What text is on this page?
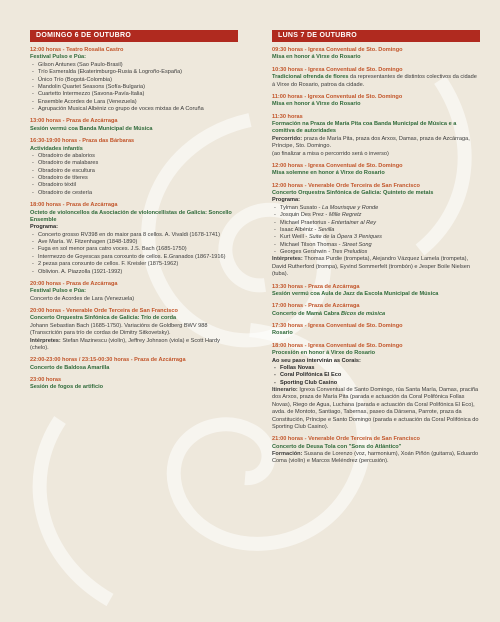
DOMINGO 6 DE OUTUBRO
12:00 horas - Teatro Rosalía Castro
Festival Pulso e Púa:
- Gilson Antunes (Sao Paulo-Brasil)
- Trío Esmeralda (Ekaterimburgo-Rusia & Logroño-España)
- Único Trío (Bogotá-Colombia)
- Mandolin Quartet Seasons (Sofía-Bulgaria)
- Cuartetto Intermezzo (Savona-Pavía-Italia)
- Ensemble Acordes de Lara (Venezuela)
- Agrupación Musical Albéniz co grupo de voces mixtas de A Coruña
13:00 horas - Praza de Azcárraga
Sesión vermú coa Banda Municipal de Música
16:30-19:00 horas - Praza das Bárbaras
Actividades infantís
- Obradoiro de abalorios
- Obradoiro de malabares
- Obradoiro de escultura
- Obradoiro de títeres
- Obradoiro téxtil
- Obradoiro de cestería
18:00 horas - Praza de Azcárraga
Octeto de violoncellos da Asociación de violoncellistas de Galicia: Soncello Ensemble
Programa:
- Concerto grosso RV398 en do maior para 8 cellos. A. Vivaldi (1678-1741)
- Ave María. W. Fitzenhagen (1848-1890)
- Fuga en sol menor para catro voces. J.S. Bach (1685-1750)
- Intermezzo de Goyescas para conxunto de cellos. E.Granados (1867-1916)
- 2 pezas para conxunto de cellos. F. Kreisler (1875-1962)
- Oblivion. A. Piazzolla (1921-1992)
20:00 horas - Praza de Azcárraga
Festival Pulso e Púa:
Concerto de Acordes de Lara (Venezuela)
20:00 horas - Venerable Orde Terceira de San Francisco
Concerto Orquestra Sinfónica de Galicia: Trío de corda
Johann Sebastian Bach (1685-1750). Variacións de Goldberg BWV 988 (Transcrición para trío de cordas de Dimitry Sitkovetsky).
Intérpretes: Stefan Mazinescu (violín), Jeffrey Johnson (viola) e Scott Hardy (chelo).
22:00-23:00 horas / 23:15-00:30 horas - Praza de Azcárraga
Concerto de Baldosa Amarilla
23:00 horas
Sesión de fogos de artificio
LUNS 7 DE OUTUBRO
09:30 horas - Igrexa Conventual de Sto. Domingo
Misa en honor á Virxe do Rosario
10:30 horas - Igrexa Conventual de Sto. Domingo
Tradicional ofrenda de flores da representantes de distintos colectivos da cidade á Virxe do Rosario, patroa da cidade.
11:00 horas - Igrexa Conventual de Sto. Domingo
Misa en honor á Virxe do Rosario
11:30 horas
Formación na Praza de María Pita coa Banda Municipal de Música e a comitiva de autoridades
Percorrido: praza de María Pita, praza dos Arxos, Damas, praza de Azcárraga, Príncipe, Sto. Domingo.
(ao finalizar a misa o percorrido será o inverso)
12:00 horas - Igrexa Conventual de Sto. Domingo
Misa solemne en honor á Virxe do Rosario
12:00 horas - Venerable Orde Terceira de San Francisco
Concerto Orquestra Sinfónica de Galicia: Quinteto de metais
Programa:
- Tylman Susato - La Mourisque y Ronde
- Josquin Des Prez - Mille Regretz
- Michael Praetorius - Entertainer al Rey
- Isaac Albéniz - Sevilla
- Kurt Weill - Suite de la Ópera 3 Peniques
- Michael Tilson Thomas - Street Song
- Georges Gershwin - Tres Preludios
Intérpretes: Thomas Purdie (trompeta), Alejandro Vázquez Lamela (trompeta), David Rutherford (trompa), Eyvind Sommerfelt (trombón) e Jesper Boile Nielsen (tuba).
13:30 horas - Praza de Azcárraga
Sesión vermú coa Aula de Jazz da Escola Municipal de Música
17:00 horas - Praza de Azcárraga
Concerto de Mamá Cabra Bicos de música
17:30 horas - Igrexa Conventual de Sto. Domingo
Rosario
18:00 horas - Igrexa Conventual de Sto. Domingo
Procesión en honor á Virxe do Rosario
Ao seu paso intervirán as Corais:
- Follas Novas
- Coral Polifónica El Eco
- Sporting Club Casino
Itinerario: Igrexa Conventual de Santo Domingo, rúa Santa María, Damas, praciña dos Arxos, praza de María Pita (parada e actuación da Coral Polifónica Follas Novas), Riego de Agua, Luchana (parada e actuación da Coral Polifónica El Eco), avda. de Montoto, Santiago, Tabernas, paseo da Dársena, Parrote, praza da Constitución, Príncipe e Santo Domingo (parada e actuación da Coral Polifónica do Sporting Club Casino).
21:00 horas - Venerable Orde Terceira de San Francisco
Concerto de Deusa Tola con "Sons do Atlántico"
Formación: Susana de Lorenzo (voz, harmonium), Xoán Piñón (guitarra), Eduardo Coma (violín) e Marcos Meléndrez (percusión).
